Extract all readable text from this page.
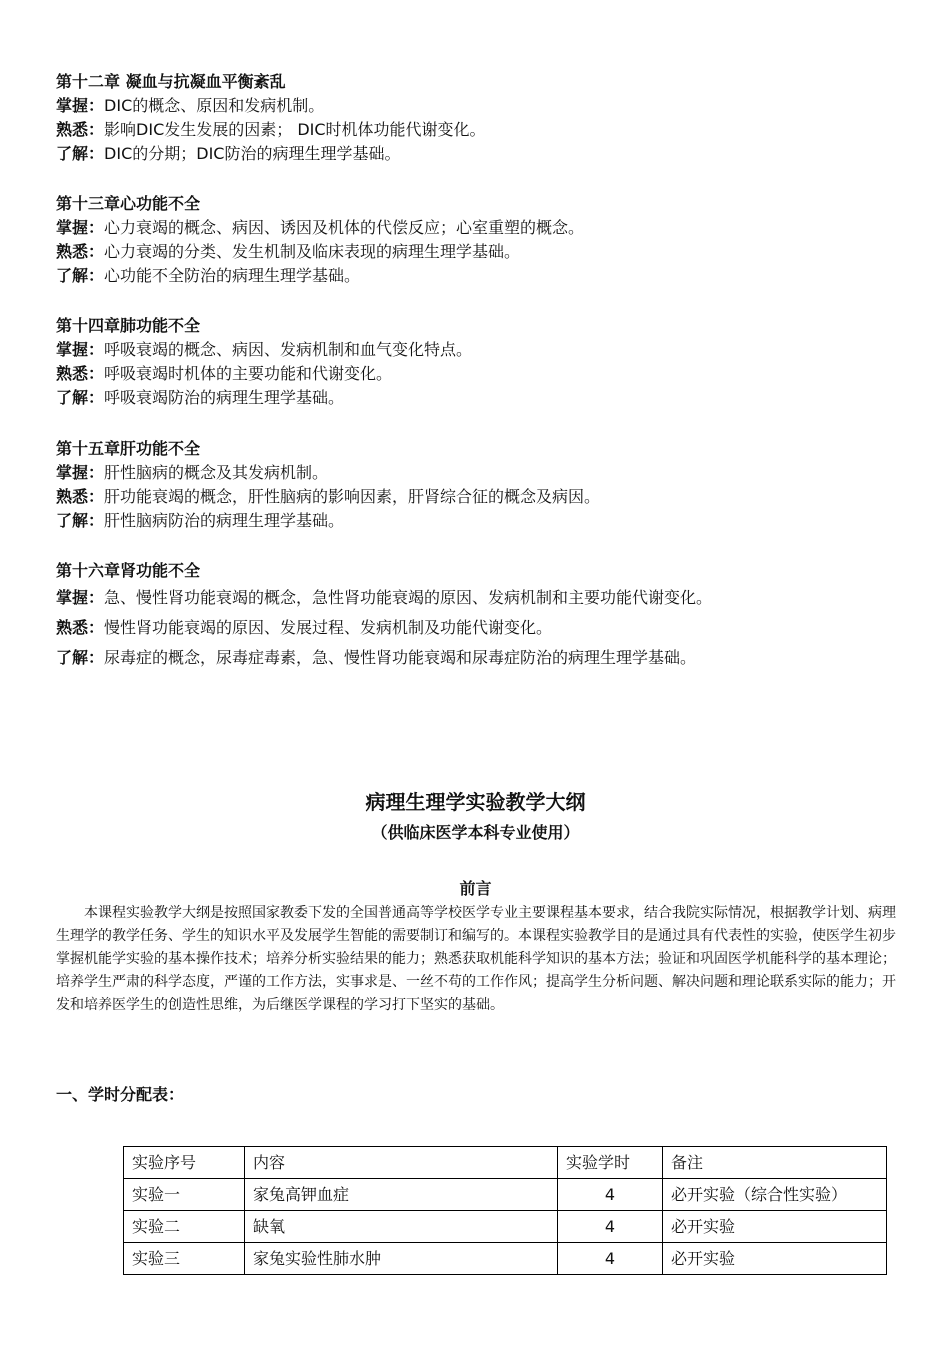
第十二章 凝血与抗凝血平衡紊乱
掌握：DIC的概念、原因和发病机制。
熟悉：影响DIC发生发展的因素； DIC时机体功能代谢变化。
了解：DIC的分期；DIC防治的病理生理学基础。
第十三章心功能不全
掌握：心力衰竭的概念、病因、诱因及机体的代偿反应；心室重塑的概念。
熟悉：心力衰竭的分类、发生机制及临床表现的病理生理学基础。
了解：心功能不全防治的病理生理学基础。
第十四章肺功能不全
掌握：呼吸衰竭的概念、病因、发病机制和血气变化特点。
熟悉：呼吸衰竭时机体的主要功能和代谢变化。
了解：呼吸衰竭防治的病理生理学基础。
第十五章肝功能不全
掌握：肝性脑病的概念及其发病机制。
熟悉：肝功能衰竭的概念，肝性脑病的影响因素，肝肾综合征的概念及病因。
了解：肝性脑病防治的病理生理学基础。
第十六章肾功能不全
掌握：急、慢性肾功能衰竭的概念，急性肾功能衰竭的原因、发病机制和主要功能代谢变化。
熟悉：慢性肾功能衰竭的原因、发展过程、发病机制及功能代谢变化。
了解：尿毒症的概念，尿毒症毒素，急、慢性肾功能衰竭和尿毒症防治的病理生理学基础。
病理生理学实验教学大纲
（供临床医学本科专业使用）
前言
本课程实验教学大纲是按照国家教委下发的全国普通高等学校医学专业主要课程基本要求，结合我院实际情况，根据教学计划、病理生理学的教学任务、学生的知识水平及发展学生智能的需要制订和编写的。本课程实验教学目的是通过具有代表性的实验，使医学生初步掌握机能学实验的基本操作技术；培养分析实验结果的能力；熟悉获取机能科学知识的基本方法；验证和巩固医学机能科学的基本理论；培养学生严肃的科学态度，严谨的工作方法，实事求是、一丝不苟的工作作风；提高学生分析问题、解决问题和理论联系实际的能力；开发和培养医学生的创造性思维，为后继医学课程的学习打下坚实的基础。
一、学时分配表：
实验序号	内容	实验学时	备注
实验一	家兔高钾血症	4	必开实验（综合性实验）
实验二	缺氧	4	必开实验
实验三	家兔实验性肺水肿	4	必开实验
